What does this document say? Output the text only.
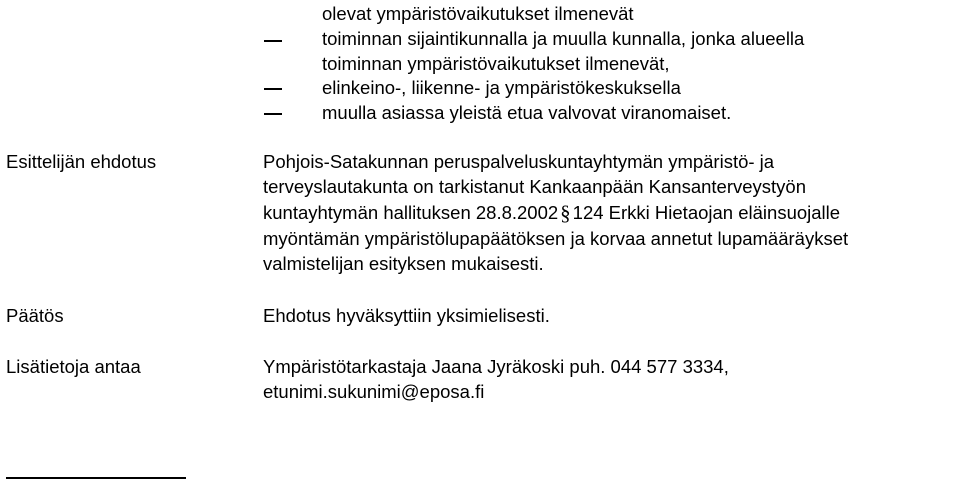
olevat ympäristövaikutukset ilmenevät
toiminnan sijaintikunnalla ja muulla kunnalla, jonka alueella
toiminnan ympäristövaikutukset ilmenevät,
elinkeino-, liikenne- ja ympäristökeskuksella
muulla asiassa yleistä etua valvovat viranomaiset.
Esittelijän ehdotus	Pohjois-Satakunnan peruspalveluskuntayhtymän ympäristö- ja
terveyslautakunta on tarkistanut Kankaanpään Kansanterveystyön
kuntayhtymän hallituksen 28.8.2002§ 124 Erkki Hietaojan eläinsuojalle
myöntämän ympäristölupapäätöksen ja korvaa annetut lupamääräykset
valmistelijan esityksen mukaisesti.
Päätös	Ehdotus hyväksyttiin yksimielisesti.
Lisätietoja antaa	Ympäristötarkastaja Jaana Jyräkoski puh. 044 577 3334,
etunimi.sukunimi@eposa.fi
